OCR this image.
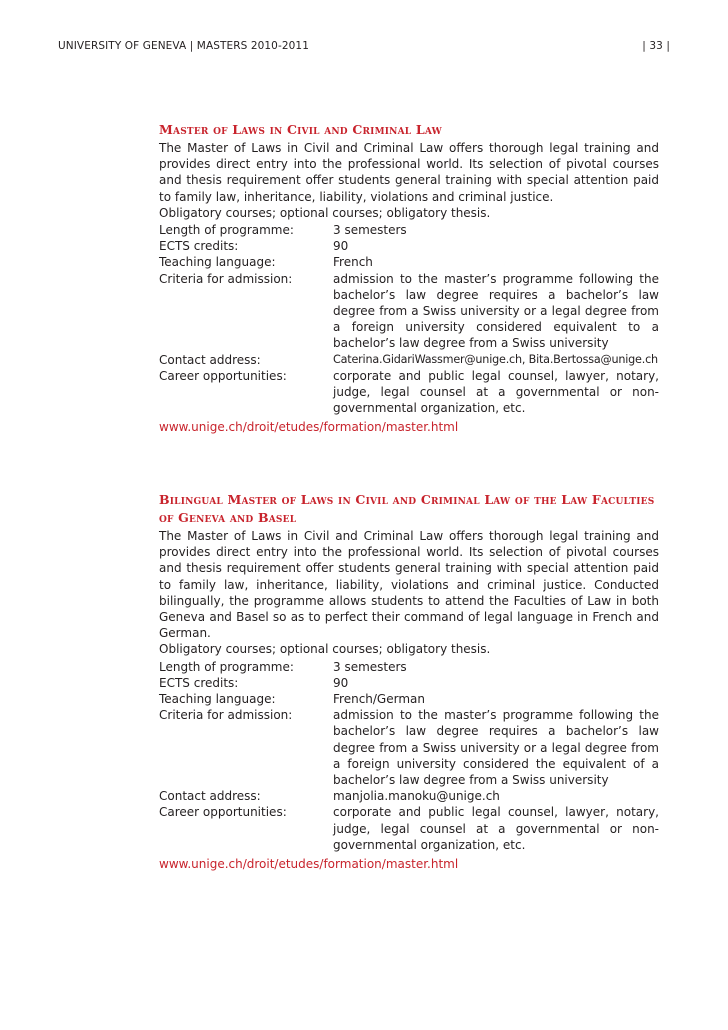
UNIVERSITY OF GENEVA | MASTERS 2010-2011	| 33 |
Master of Laws in Civil and Criminal Law

The Master of Laws in Civil and Criminal Law offers thorough legal training and provides direct entry into the professional world. Its selection of pivotal courses and thesis requirement offer students general training with special attention paid to family law, inheritance, liability, violations and criminal justice.

Obligatory courses; optional courses; obligatory thesis.

Length of programme:	3 semesters
ECTS credits:	90
Teaching language:	French
Criteria for admission:	admission to the master’s programme following the bachelor’s law degree requires a bachelor’s law degree from a Swiss university or a legal degree from a foreign university considered equivalent to a bachelor’s law degree from a Swiss university
Contact address:	Caterina.GidariWassmer@unige.ch, Bita.Bertossa@unige.ch
Career opportunities:	corporate and public legal counsel, lawyer, notary, judge, legal counsel at a governmental or non-governmental organization, etc.
www.unige.ch/droit/etudes/formation/master.html
Bilingual Master of Laws in Civil and Criminal Law of the Law Faculties of Geneva and Basel

The Master of Laws in Civil and Criminal Law offers thorough legal training and provides direct entry into the professional world. Its selection of pivotal courses and thesis requirement offer students general training with special attention paid to family law, inheritance, liability, violations and criminal justice. Conducted bilingually, the programme allows students to attend the Faculties of Law in both Geneva and Basel so as to perfect their command of legal language in French and German.

Obligatory courses; optional courses; obligatory thesis.

Length of programme:	3 semesters
ECTS credits:	90
Teaching language:	French/German
Criteria for admission:	admission to the master’s programme following the bachelor’s law degree requires a bachelor’s law degree from a Swiss university or a legal degree from a foreign university considered the equivalent of a bachelor’s law degree from a Swiss university
Contact address:	manjolia.manoku@unige.ch
Career opportunities:	corporate and public legal counsel, lawyer, notary, judge, legal counsel at a governmental or non-governmental organization, etc.
www.unige.ch/droit/etudes/formation/master.html
